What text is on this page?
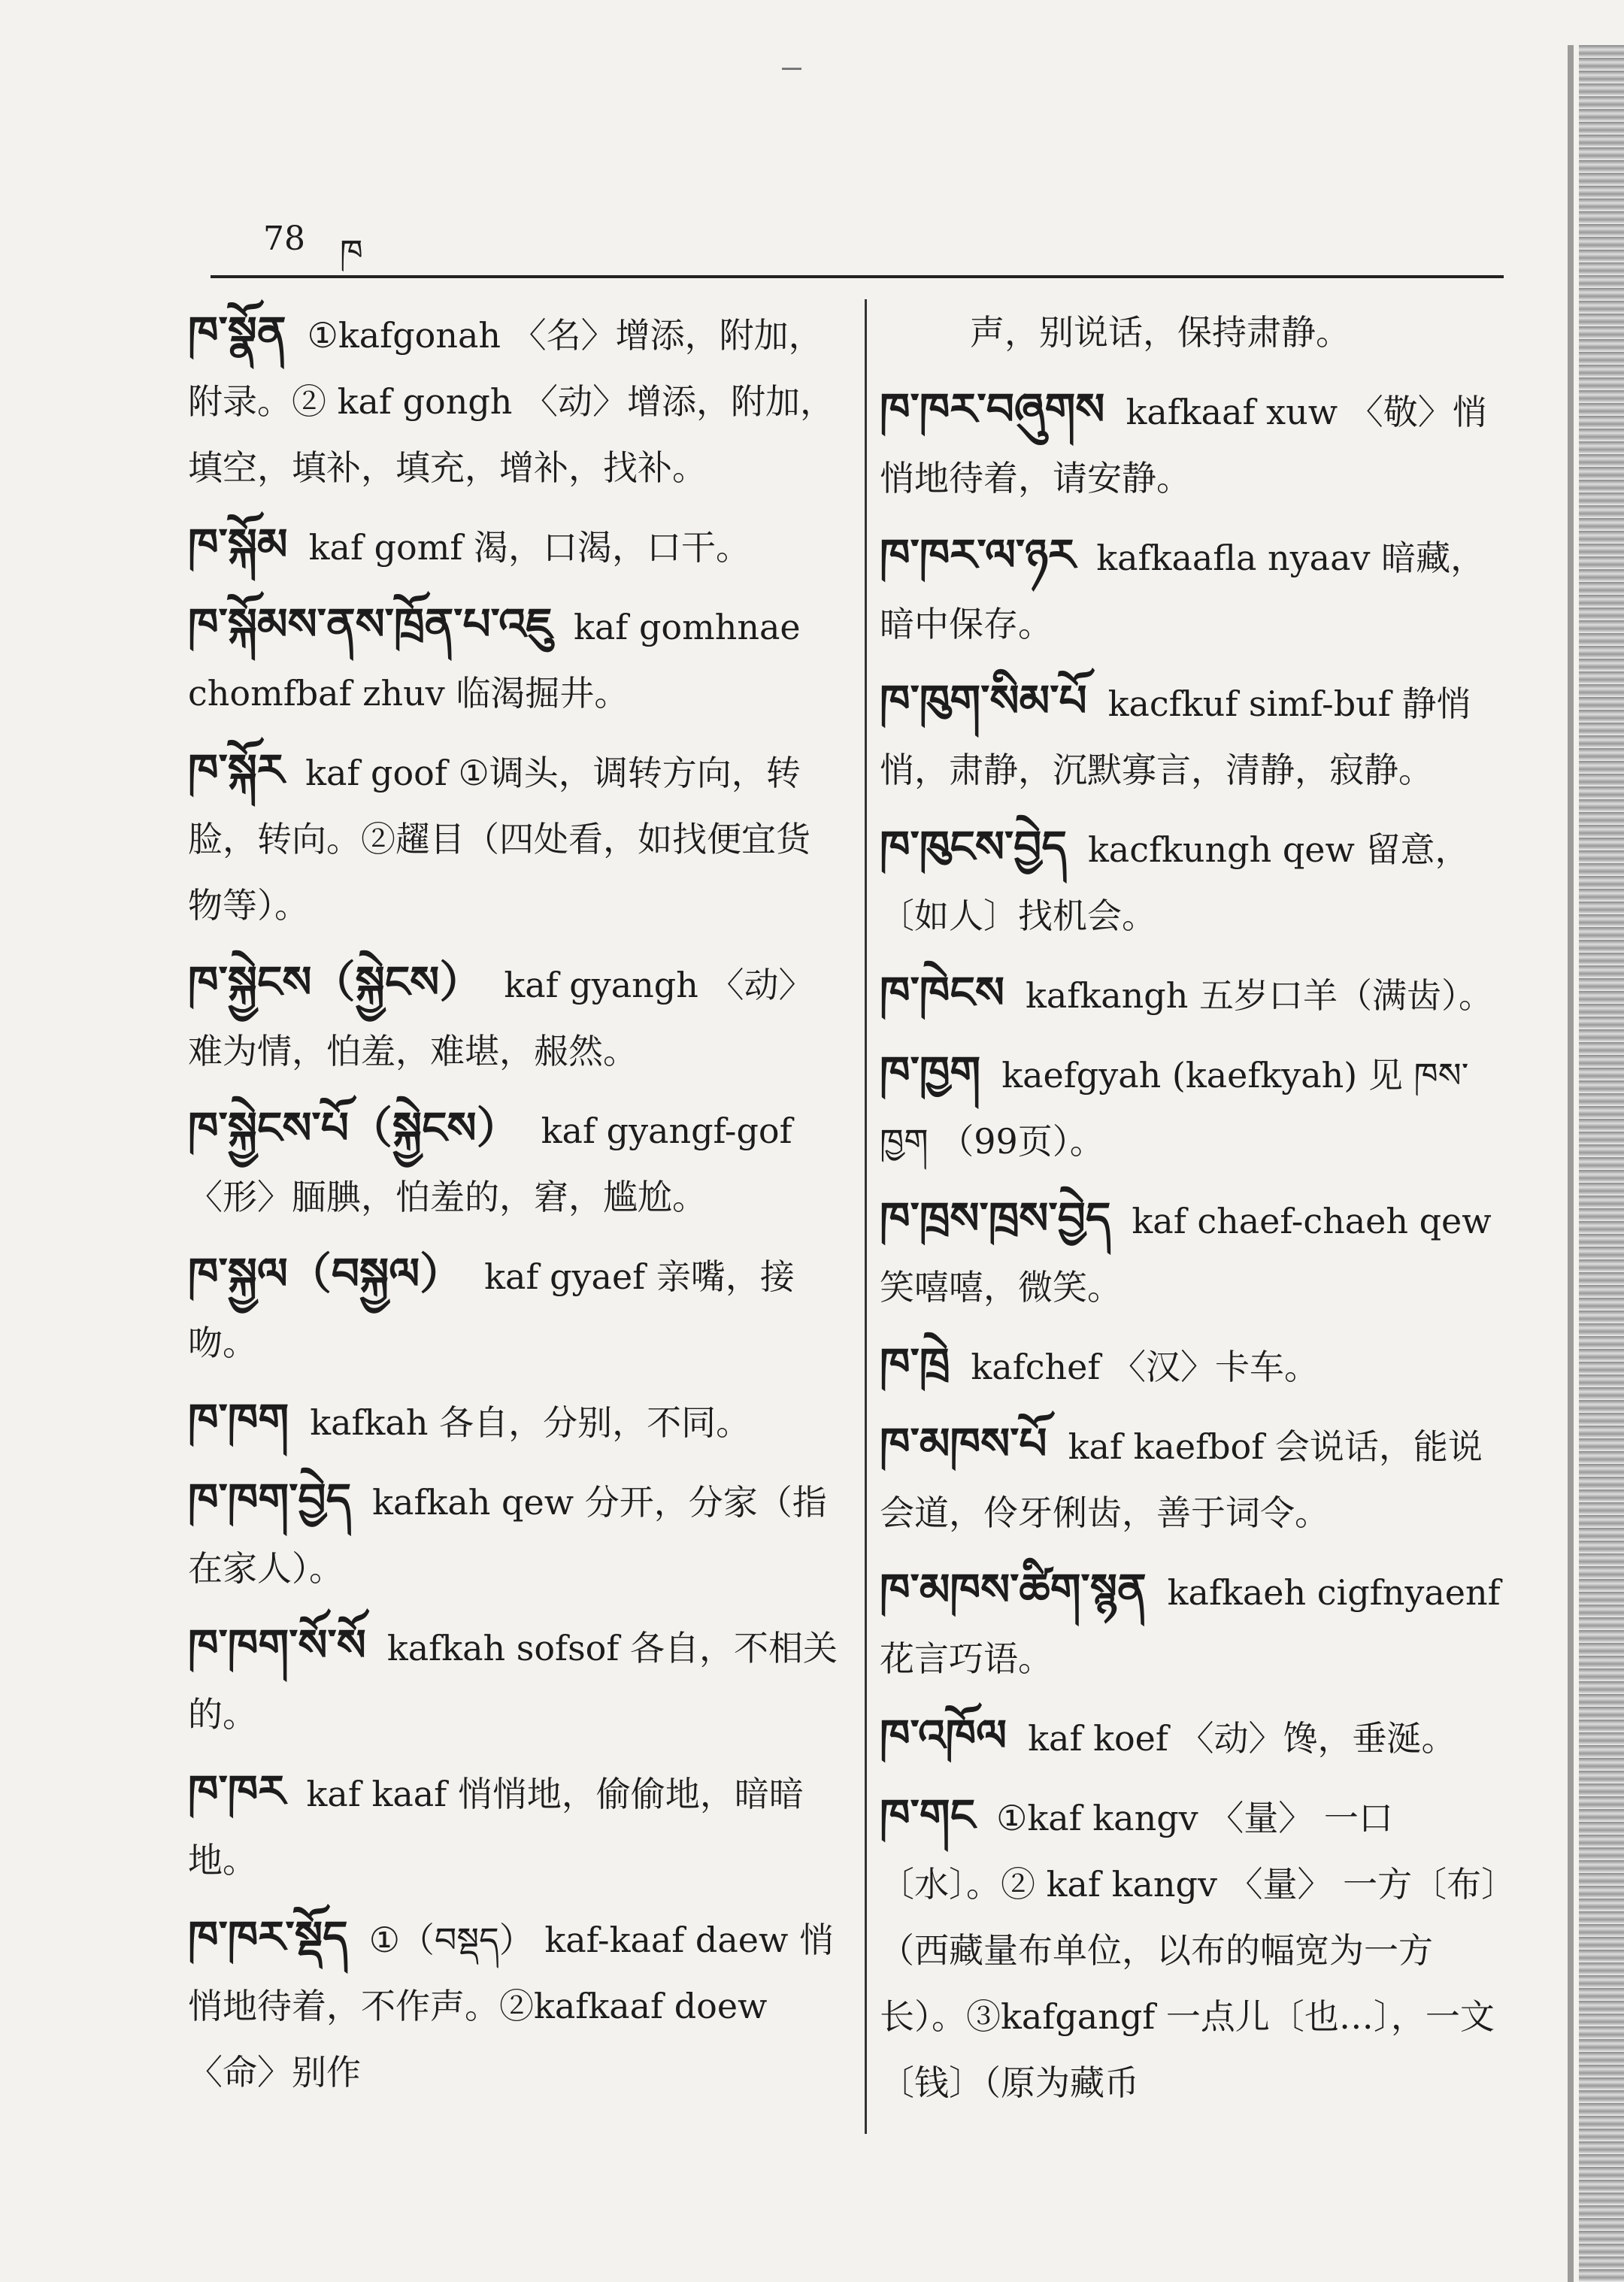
78 ཁ
ཁ་སྣོན ①kafgonah 〈名〉增添，附加，附录。② kaf gongh 〈动〉增添，附加，填空，填补，填充，增补，找补。
ཁ་སྐོམ kaf gomf 渴，口渴，口干。
ཁ་སྐོམས་ནས་ཁྲོན་པ་འཇུ kaf gomhnae chomfbaf zhuv 临渴掘井。
ཁ་སྐོར kaf goof ①调头，调转方向，转脸，转向。②趯目（四处看，如找便宜货物等）。
ཁ་སྐྱེངས（སྐྱེངས） kaf gyangh 〈动〉难为情，怕羞，难堪，赧然。
ཁ་སྐྱེངས་པོ（སྐྱེངས） kaf gyangf-gof 〈形〉腼腆，怕羞的，窘，尴尬。
ཁ་སྐྱལ（བསྐྱལ） kaf gyaef 亲嘴，接吻。
ཁ་ཁག kafkah 各自，分别，不同。
ཁ་ཁག་བྱེད kafkah qew 分开，分家（指在家人）。
ཁ་ཁག་སོ་སོ kafkah sofsof 各自，不相关的。
ཁ་ཁར kaf kaaf 悄悄地，偷偷地，暗暗地。
ཁ་ཁར་སྡོད ①（བསྡད） kaf-kaaf daew 悄悄地待着，不作声。②kafkaaf doew 〈命〉别作
声，别说话，保持肃静。
ཁ་ཁར་བཞུགས kafkaaf xuw 〈敬〉悄悄地待着，请安静。
ཁ་ཁར་ལ་ཉར kafkaafla nyaav 暗藏，暗中保存。
ཁ་ཁུག་སིམ་པོ kacfkuf simf-buf 静悄悄，肃静，沉默寡言，清静，寂静。
ཁ་ཁུངས་བྱེད kacfkungh qew 留意，〔如人〕找机会。
ཁ་ཁེངས kafkangh 五岁口羊（满齿）。
ཁ་ཁྱག kaefgyah (kaefkyah) 见 ཁས་ཁྱག （99页）。
ཁ་ཁྲས་ཁྲས་བྱེད kaf chaef-chaeh qew 笑嘻嘻，微笑。
ཁ་ཁྲེ kafchef 〈汉〉卡车。
ཁ་མཁས་པོ kaf kaefbof 会说话，能说会道，伶牙俐齿，善于词令。
ཁ་མཁས་ཚིག་སྙན kafkaeh cigfnyaenf 花言巧语。
ཁ་འཁོལ kaf koef 〈动〉馋，垂涎。
ཁ་གང ①kaf kangv 〈量〉 一口〔水〕。② kaf kangv 〈量〉 一方〔布〕（西藏量布单位，以布的幅宽为一方长）。③kafgangf 一点儿〔也…〕，一文〔钱〕（原为藏币
